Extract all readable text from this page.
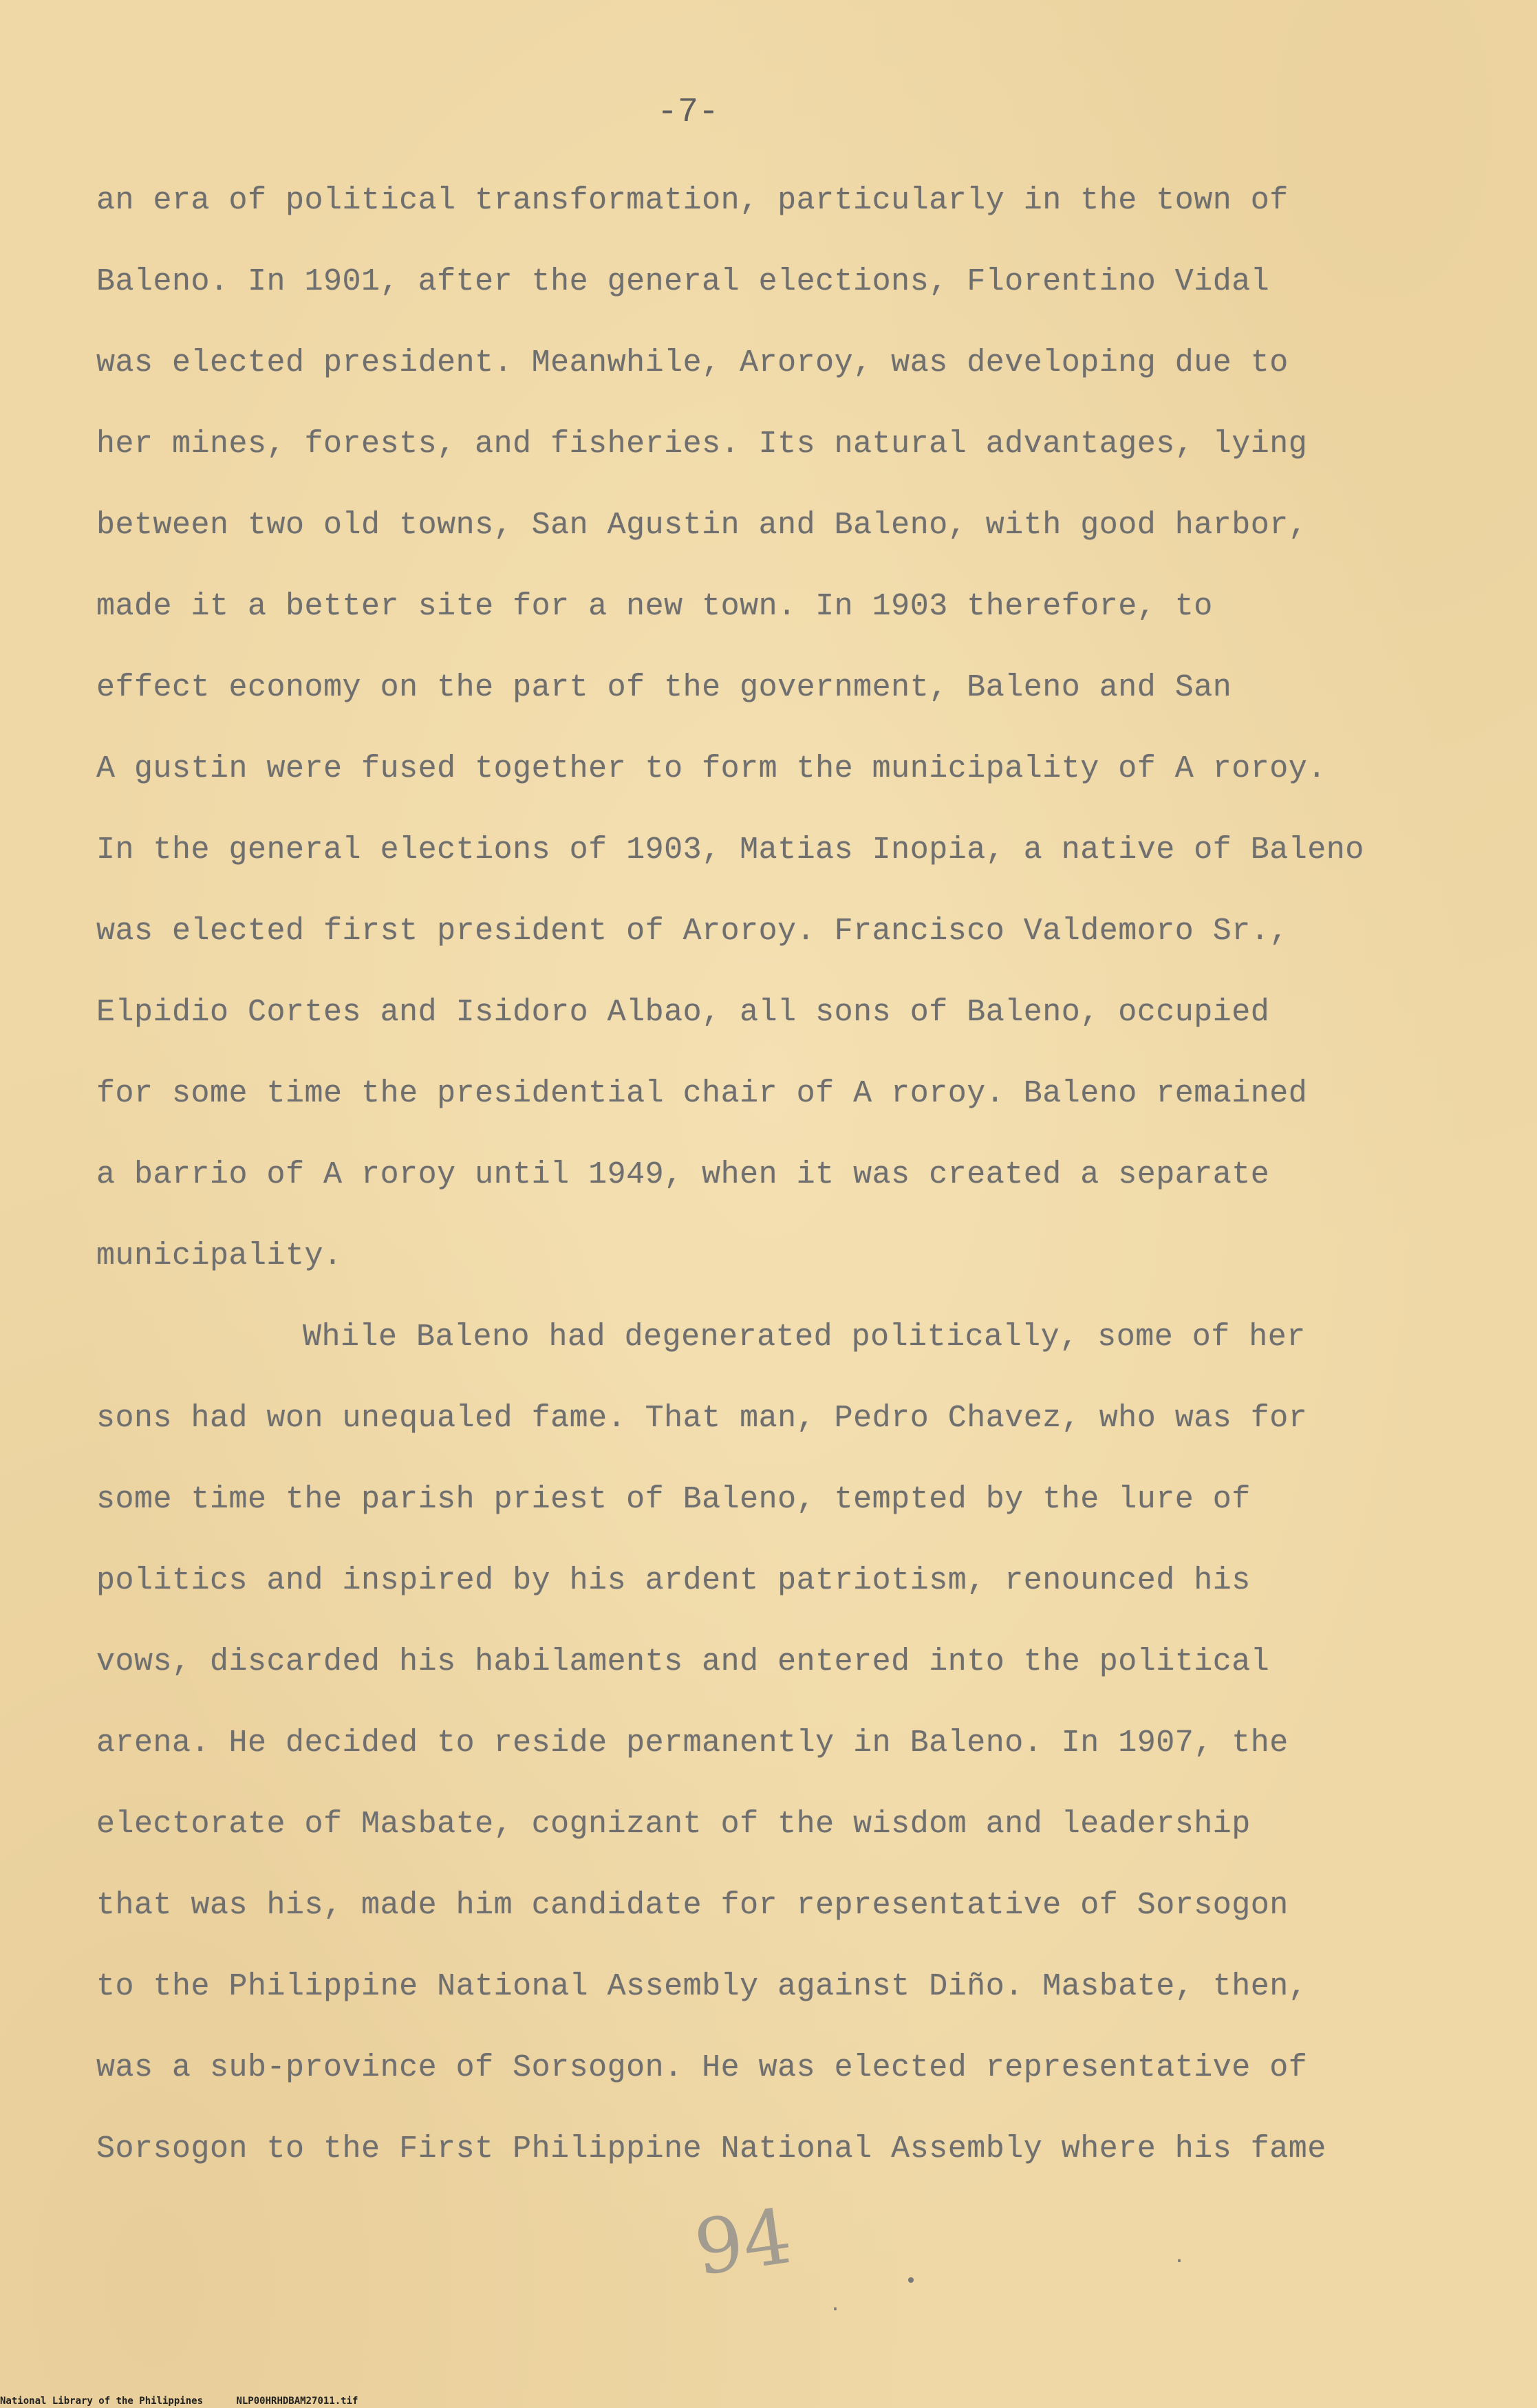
-7-
an era of political transformation, particularly in the town of
Baleno. In 1901, after the general elections, Florentino Vidal
was elected president. Meanwhile, Aroroy, was developing due to
her mines, forests, and fisheries. Its natural advantages, lying
between two old towns, San Agustin and Baleno, with good harbor,
made it a better site for a new town. In 1903 therefore, to
effect economy on the part of the government, Baleno and San
A gustin were fused together to form the municipality of A roroy.
In the general elections of 1903, Matias Inopia, a native of Baleno
was elected first president of Aroroy. Francisco Valdemoro Sr.,
Elpidio Cortes and Isidoro Albao, all sons of Baleno, occupied
for some time the presidential chair of A roroy. Baleno remained
a barrio of A roroy until 1949, when it was created a separate
municipality.
While Baleno had degenerated politically, some of her
sons had won unequaled fame. That man, Pedro Chavez, who was for
some time the parish priest of Baleno, tempted by the lure of
politics and inspired by his ardent patriotism, renounced his
vows, discarded his habilaments and entered into the political
arena. He decided to reside permanently in Baleno. In 1907, the
electorate of Masbate, cognizant of the wisdom and leadership
that was his, made him candidate for representative of Sorsogon
to the Philippine National Assembly against Diño. Masbate, then,
was a sub-province of Sorsogon. He was elected representative of
Sorsogon to the First Philippine National Assembly where his fame
94	•
·
·
National Library of the Philippines	NLP00HRHDBAM27011.tif
